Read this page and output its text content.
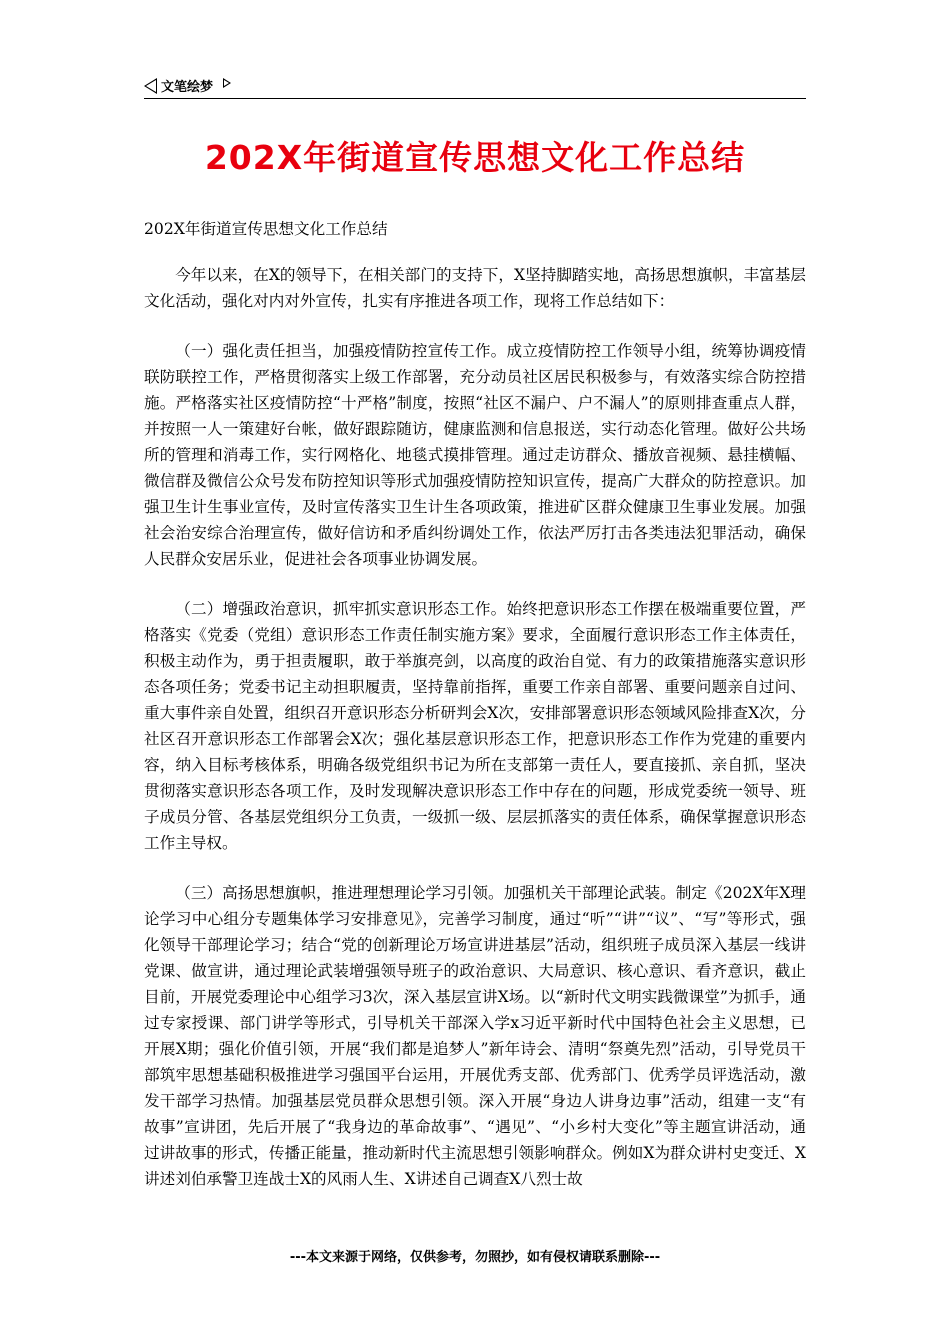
文笔绘梦
202X年街道宣传思想文化工作总结

202X年街道宣传思想文化工作总结

今年以来，在X的领导下，在相关部门的支持下，X坚持脚踏实地，高扬思想旗帜，丰富基层文化活动，强化对内对外宣传，扎实有序推进各项工作，现将工作总结如下：

（一）强化责任担当，加强疫情防控宣传工作。成立疫情防控工作领导小组，统筹协调疫情联防联控工作，严格贯彻落实上级工作部署，充分动员社区居民积极参与，有效落实综合防控措施。严格落实社区疫情防控“十严格”制度，按照“社区不漏户、户不漏人”的原则排查重点人群，并按照一人一策建好台帐，做好跟踪随访，健康监测和信息报送，实行动态化管理。做好公共场所的管理和消毒工作，实行网格化、地毯式摸排管理。通过走访群众、播放音视频、悬挂横幅、微信群及微信公众号发布防控知识等形式加强疫情防控知识宣传，提高广大群众的防控意识。加强卫生计生事业宣传，及时宣传落实卫生计生各项政策，推进矿区群众健康卫生事业发展。加强社会治安综合治理宣传，做好信访和矛盾纠纷调处工作，依法严厉打击各类违法犯罪活动，确保人民群众安居乐业，促进社会各项事业协调发展。

（二）增强政治意识，抓牢抓实意识形态工作。始终把意识形态工作摆在极端重要位置，严格落实《党委（党组）意识形态工作责任制实施方案》要求，全面履行意识形态工作主体责任，积极主动作为，勇于担责履职，敢于举旗亮剑，以高度的政治自觉、有力的政策措施落实意识形态各项任务；党委书记主动担职履责，坚持靠前指挥，重要工作亲自部署、重要问题亲自过问、重大事件亲自处置，组织召开意识形态分析研判会X次，安排部署意识形态领域风险排查X次，分社区召开意识形态工作部署会X次；强化基层意识形态工作，把意识形态工作作为党建的重要内容，纳入目标考核体系，明确各级党组织书记为所在支部第一责任人，要直接抓、亲自抓，坚决贯彻落实意识形态各项工作，及时发现解决意识形态工作中存在的问题，形成党委统一领导、班子成员分管、各基层党组织分工负责，一级抓一级、层层抓落实的责任体系，确保掌握意识形态工作主导权。

（三）高扬思想旗帜，推进理想理论学习引领。加强机关干部理论武装。制定《202X年X理论学习中心组分专题集体学习安排意见》，完善学习制度，通过“听”“讲”“议”、“写”等形式，强化领导干部理论学习；结合“党的创新理论万场宣讲进基层”活动，组织班子成员深入基层一线讲党课、做宣讲，通过理论武装增强领导班子的政治意识、大局意识、核心意识、看齐意识，截止目前，开展党委理论中心组学习3次，深入基层宣讲X场。以“新时代文明实践微课堂”为抓手，通过专家授课、部门讲学等形式，引导机关干部深入学x习近平新时代中国特色社会主义思想，已开展X期；强化价值引领，开展“我们都是追梦人”新年诗会、清明“祭奠先烈”活动，引导党员干部筑牢思想基础积极推进学习强国平台运用，开展优秀支部、优秀部门、优秀学员评选活动，激发干部学习热情。加强基层党员群众思想引领。深入开展“身边人讲身边事”活动，组建一支“有故事”宣讲团，先后开展了“我身边的革命故事”、“遇见”、“小乡村大变化”等主题宣讲活动，通过讲故事的形式，传播正能量，推动新时代主流思想引领影响群众。例如X为群众讲村史变迁、X讲述刘伯承警卫连战士X的风雨人生、X讲述自己调查X八烈士故

---本文来源于网络，仅供参考，勿照抄，如有侵权请联系删除---
